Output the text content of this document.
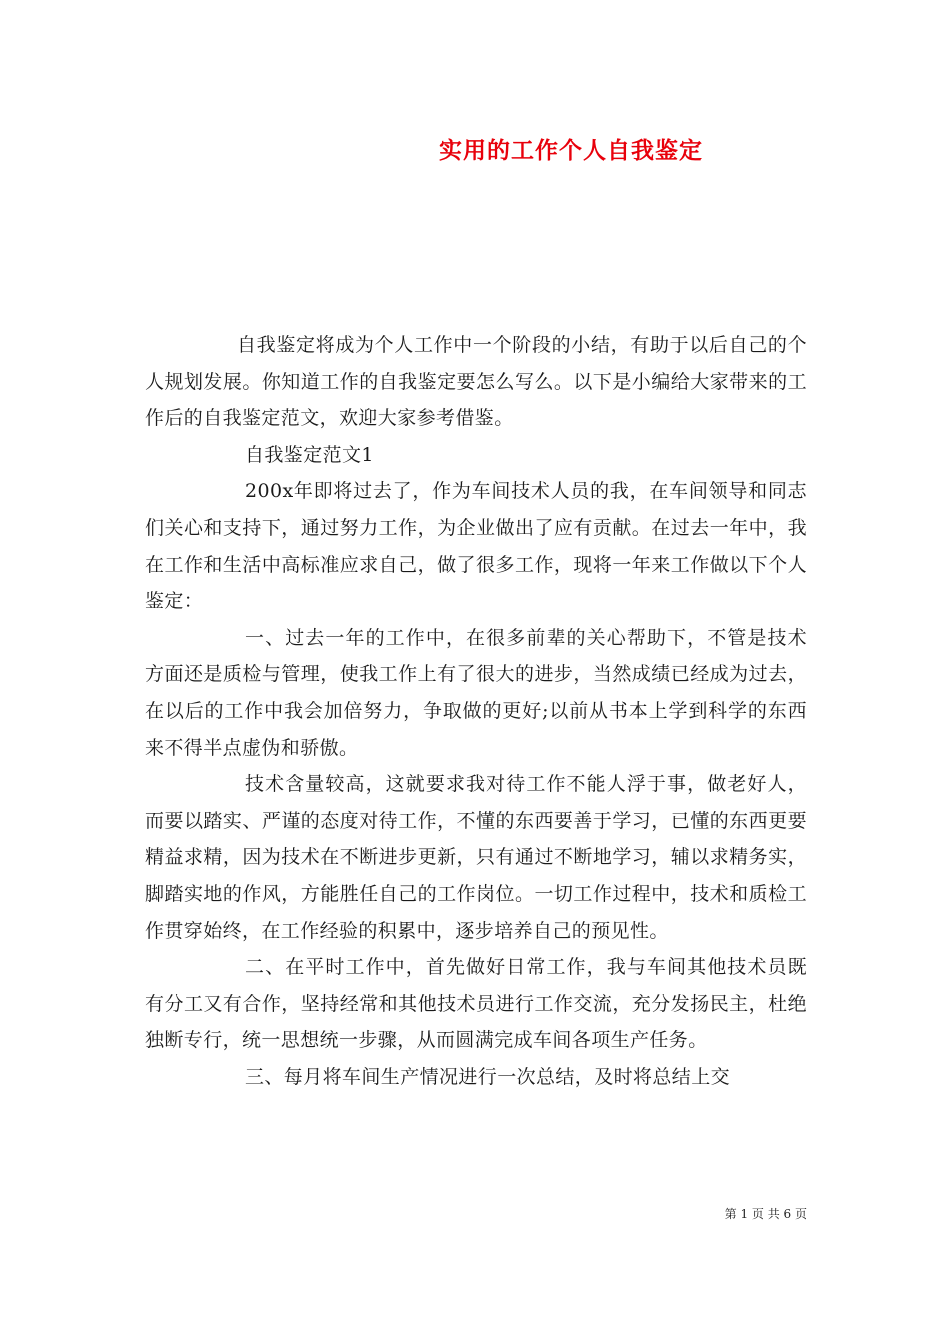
实用的工作个人自我鉴定

自我鉴定将成为个人工作中一个阶段的小结，有助于以后自己的个人规划发展。你知道工作的自我鉴定要怎么写么。以下是小编给大家带来的工作后的自我鉴定范文，欢迎大家参考借鉴。

自我鉴定范文1

200x年即将过去了，作为车间技术人员的我，在车间领导和同志们关心和支持下，通过努力工作，为企业做出了应有贡献。在过去一年中，我在工作和生活中高标准应求自己，做了很多工作，现将一年来工作做以下个人鉴定：

一、过去一年的工作中，在很多前辈的关心帮助下，不管是技术方面还是质检与管理，使我工作上有了很大的进步，当然成绩已经成为过去，在以后的工作中我会加倍努力，争取做的更好;以前从书本上学到科学的东西来不得半点虚伪和骄傲。

技术含量较高，这就要求我对待工作不能人浮于事，做老好人，而要以踏实、严谨的态度对待工作，不懂的东西要善于学习，已懂的东西更要精益求精，因为技术在不断进步更新，只有通过不断地学习，辅以求精务实，脚踏实地的作风，方能胜任自己的工作岗位。一切工作过程中，技术和质检工作贯穿始终，在工作经验的积累中，逐步培养自己的预见性。

二、在平时工作中，首先做好日常工作，我与车间其他技术员既有分工又有合作，坚持经常和其他技术员进行工作交流，充分发扬民主，杜绝独断专行，统一思想统一步骤，从而圆满完成车间各项生产任务。

三、每月将车间生产情况进行一次总结，及时将总结上交

第 1 页 共 6 页
